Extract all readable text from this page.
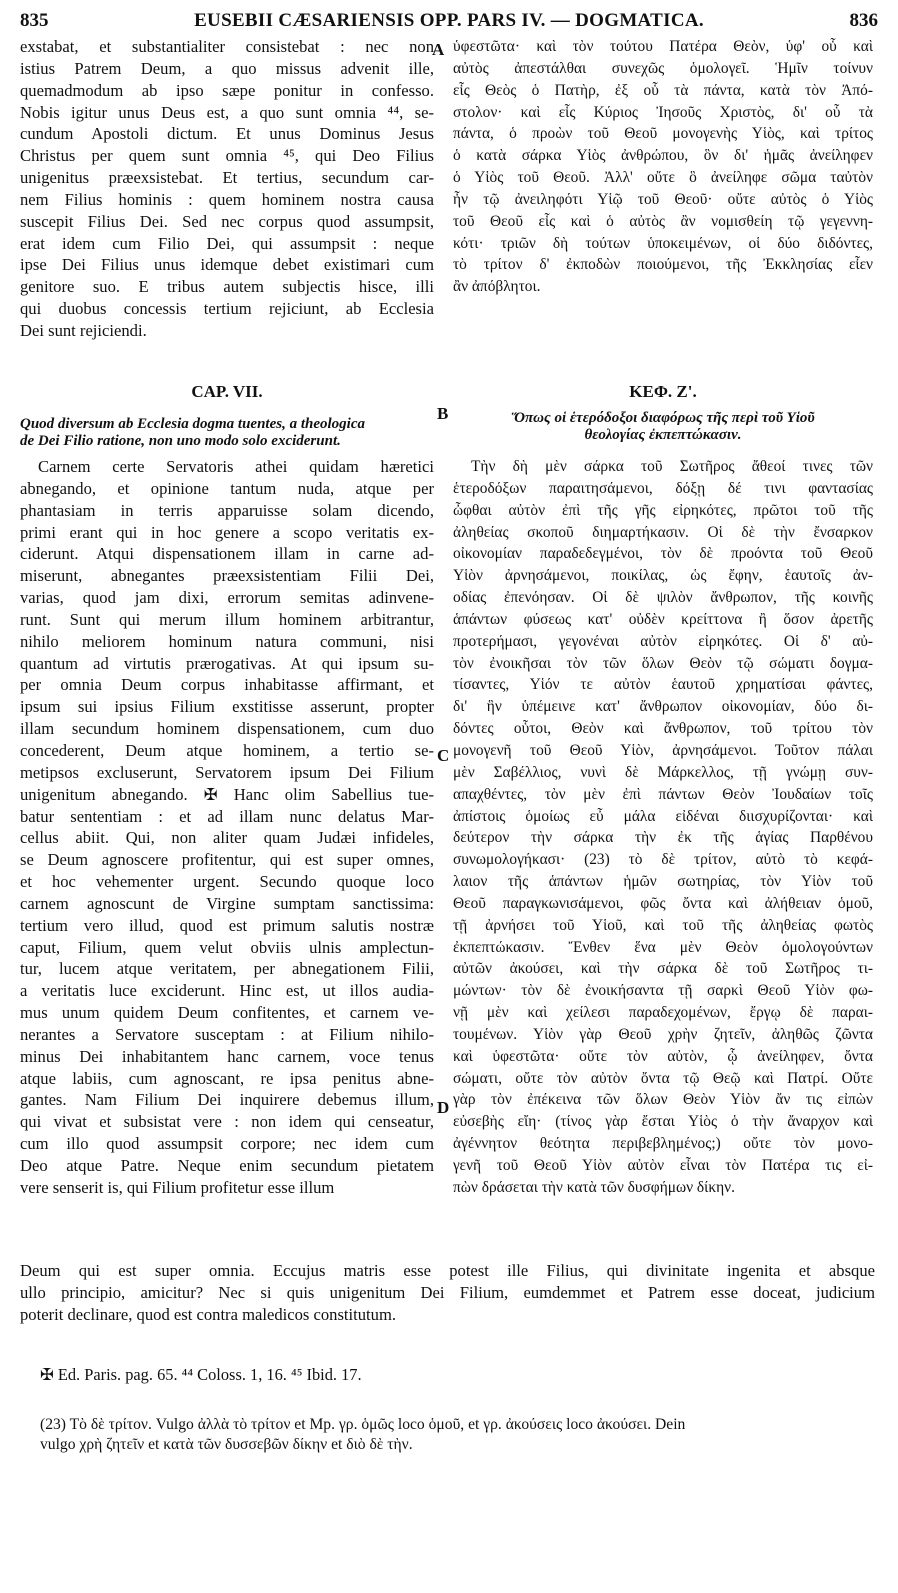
835	EUSEBII CÆSARIENSIS OPP. PARS IV. — DOGMATICA.	836
exstabat, et substantialiter consistebat : nec non
istius Patrem Deum, a quo missus advenit ille,
quemadmodum ab ipso sæpe ponitur in confesso.
Nobis igitur unus Deus est, a quo sunt omnia ⁴⁴, se-
cundum Apostoli dictum. Et unus Dominus Jesus
Christus per quem sunt omnia ⁴⁵, qui Deo Filius
unigenitus præexsistebat. Et tertius, secundum car-
nem Filius hominis : quem hominem nostra causa
suscepit Filius Dei. Sed nec corpus quod assumpsit,
erat idem cum Filio Dei, qui assumpsit : neque
ipse Dei Filius unus idemque debet existimari cum
genitore suo. E tribus autem subjectis hisce, illi
qui duobus concessis tertium rejiciunt, ab Ecclesia
Dei sunt rejiciendi.
ὑφεστῶτα· καὶ τὸν τούτου Πατέρα Θεὸν, ὑφ' οὗ καὶ
αὐτὸς ἀπεστάλθαι συνεχῶς ὁμολογεῖ. Ἡμῖν τοίνυν
εἷς Θεὸς ὁ Πατὴρ, ἐξ οὗ τὰ πάντα, κατὰ τὸν Ἀπό-
στολον· καὶ εἷς Κύριος Ἰησοῦς Χριστὸς, δι' οὗ τὰ
πάντα, ὁ προὼν τοῦ Θεοῦ μονογενὴς Υἱὸς, καὶ τρίτος
ὁ κατὰ σάρκα Υἱὸς ἀνθρώπου, ὃν δι' ἡμᾶς ἀνείληφεν
ὁ Υἱὸς τοῦ Θεοῦ. Ἀλλ' οὔτε ὃ ἀνείληφε σῶμα ταὐτὸν
ἦν τῷ ἀνειληφότι Υἱῷ τοῦ Θεοῦ· οὔτε αὐτὸς ὁ Υἱὸς
τοῦ Θεοῦ εἷς καὶ ὁ αὐτὸς ἂν νομισθείη τῷ γεγεννη-
κότι· τριῶν δὴ τούτων ὑποκειμένων, οἱ δύο διδόντες,
τὸ τρίτον δ' ἐκποδὼν ποιούμενοι, τῆς Ἐκκλησίας εἶεν
ἂν ἀπόβλητοι.
A
B
C
D
CAP. VII.	ΚΕΦ. Ζ'.
Quod diversum ab Ecclesia dogma tuentes, a theologica
de Dei Filio ratione, non uno modo solo exciderunt.
Ὅπως οἱ ἑτερόδοξοι διαφόρως τῆς περὶ τοῦ Υἱοῦ
θεολογίας ἐκπεπτώκασιν.
Carnem certe Servatoris athei quidam hæretici
abnegando, et opinione tantum nuda, atque per
phantasiam in terris apparuisse solam dicendo,
primi erant qui in hoc genere a scopo veritatis ex-
ciderunt. Atqui dispensationem illam in carne ad-
miserunt, abnegantes præexsistentiam Filii Dei,
varias, quod jam dixi, errorum semitas adinvene-
runt. Sunt qui merum illum hominem arbitrantur,
nihilo meliorem hominum natura communi, nisi
quantum ad virtutis prærogativas. At qui ipsum su-
per omnia Deum corpus inhabitasse affirmant, et
ipsum sui ipsius Filium exstitisse asserunt, propter
illam secundum hominem dispensationem, cum duo
concederent, Deum atque hominem, a tertio se-
metipsos excluserunt, Servatorem ipsum Dei Filium
unigenitum abnegando. ✠ Hanc olim Sabellius tue-
batur sententiam : et ad illam nunc delatus Mar-
cellus abiit. Qui, non aliter quam Judæi infideles,
se Deum agnoscere profitentur, qui est super omnes,
et hoc vehementer urgent. Secundo quoque loco
carnem agnoscunt de Virgine sumptam sanctissima:
tertium vero illud, quod est primum salutis nostræ
caput, Filium, quem velut obviis ulnis amplectun-
tur, lucem atque veritatem, per abnegationem Filii,
a veritatis luce exciderunt. Hinc est, ut illos audia-
mus unum quidem Deum confitentes, et carnem ve-
nerantes a Servatore susceptam : at Filium nihilo-
minus Dei inhabitantem hanc carnem, voce tenus
atque labiis, cum agnoscant, re ipsa penitus abne-
gantes. Nam Filium Dei inquirere debemus illum,
qui vivat et subsistat vere : non idem qui censeatur,
cum illo quod assumpsit corpore; nec idem cum
Deo atque Patre. Neque enim secundum pietatem
vere senserit is, qui Filium profitetur esse illum
Τὴν δὴ μὲν σάρκα τοῦ Σωτῆρος ἄθεοί τινες τῶν
ἑτεροδόξων παραιτησάμενοι, δόξῃ δέ τινι φαντασίας
ὦφθαι αὐτὸν ἐπὶ τῆς γῆς εἰρηκότες, πρῶτοι τοῦ τῆς
ἀληθείας σκοποῦ διημαρτήκασιν. Οἱ δὲ τὴν ἔνσαρκον
οἰκονομίαν παραδεδεγμένοι, τὸν δὲ προόντα τοῦ Θεοῦ
Υἱὸν ἀρνησάμενοι, ποικίλας, ὡς ἔφην, ἑαυτοῖς ἀν-
οδίας ἐπενόησαν. Οἱ δὲ ψιλὸν ἄνθρωπον, τῆς κοινῆς
ἁπάντων φύσεως κατ' οὐδὲν κρείττονα ἢ ὅσον ἀρετῆς
προτερήμασι, γεγονέναι αὐτὸν εἰρηκότες. Οἱ δ' αὐ-
τὸν ἐνοικῆσαι τὸν τῶν ὅλων Θεὸν τῷ σώματι δογμα-
τίσαντες, Υἱόν τε αὐτὸν ἑαυτοῦ χρηματίσαι φάντες,
δι' ἣν ὑπέμεινε κατ' ἄνθρωπον οἰκονομίαν, δύο δι-
δόντες οὗτοι, Θεὸν καὶ ἄνθρωπον, τοῦ τρίτου τὸν
μονογενῆ τοῦ Θεοῦ Υἱὸν, ἀρνησάμενοι. Τοῦτον πάλαι
μὲν Σαβέλλιος, νυνὶ δὲ Μάρκελλος, τῇ γνώμῃ συν-
απαχθέντες, τὸν μὲν ἐπὶ πάντων Θεὸν Ἰουδαίων τοῖς
ἀπίστοις ὁμοίως εὖ μάλα εἰδέναι διισχυρίζονται· καὶ
δεύτερον τὴν σάρκα τὴν ἐκ τῆς ἁγίας Παρθένου
συνωμολογήκασι· (23) τὸ δὲ τρίτον, αὐτὸ τὸ κεφά-
λαιον τῆς ἁπάντων ἡμῶν σωτηρίας, τὸν Υἱὸν τοῦ
Θεοῦ παραγκωνισάμενοι, φῶς ὄντα καὶ ἀλήθειαν ὁμοῦ,
τῇ ἀρνήσει τοῦ Υἱοῦ, καὶ τοῦ τῆς ἀληθείας φωτὸς
ἐκπεπτώκασιν. Ἔνθεν ἕνα μὲν Θεὸν ὁμολογούντων
αὐτῶν ἀκούσει, καὶ τὴν σάρκα δὲ τοῦ Σωτῆρος τι-
μώντων· τὸν δὲ ἐνοικήσαντα τῇ σαρκὶ Θεοῦ Υἱὸν φω-
νῇ μὲν καὶ χείλεσι παραδεχομένων, ἔργῳ δὲ παραι-
τουμένων. Υἱὸν γὰρ Θεοῦ χρὴν ζητεῖν, ἀληθῶς ζῶντα
καὶ ὑφεστῶτα· οὔτε τὸν αὐτὸν, ᾧ ἀνείληφεν, ὄντα
σώματι, οὔτε τὸν αὐτὸν ὄντα τῷ Θεῷ καὶ Πατρί. Οὔτε
γὰρ τὸν ἐπέκεινα τῶν ὅλων Θεὸν Υἱὸν ἄν τις εἰπὼν
εὐσεβὴς εἴη· (τίνος γὰρ ἔσται Υἱὸς ὁ τὴν ἄναρχον καὶ
ἀγέννητον θεότητα περιβεβλημένος;) οὔτε τὸν μονο-
γενῆ τοῦ Θεοῦ Υἱὸν αὐτὸν εἶναι τὸν Πατέρα τις εἰ-
πὼν δράσεται τὴν κατὰ τῶν δυσφήμων δίκην.
Deum qui est super omnia. Eccujus matris esse potest ille Filius, qui divinitate ingenita et absque
ullo principio, amicitur? Nec si quis unigenitum Dei Filium, eumdemmet et Patrem esse doceat, judicium
poterit declinare, quod est contra maledicos constitutum.
✠ Ed. Paris. pag. 65. ⁴⁴ Coloss. 1, 16. ⁴⁵ Ibid. 17.
(23) Τὸ δὲ τρίτον. Vulgo ἀλλὰ τὸ τρίτον et Mp. γρ. ὁμῶς loco ὁμοῦ, et γρ. ἀκούσεις loco ἀκούσει. Dein
vulgo χρὴ ζητεῖν et κατὰ τῶν δυσσεβῶν δίκην et διὸ δὲ τὴν.
